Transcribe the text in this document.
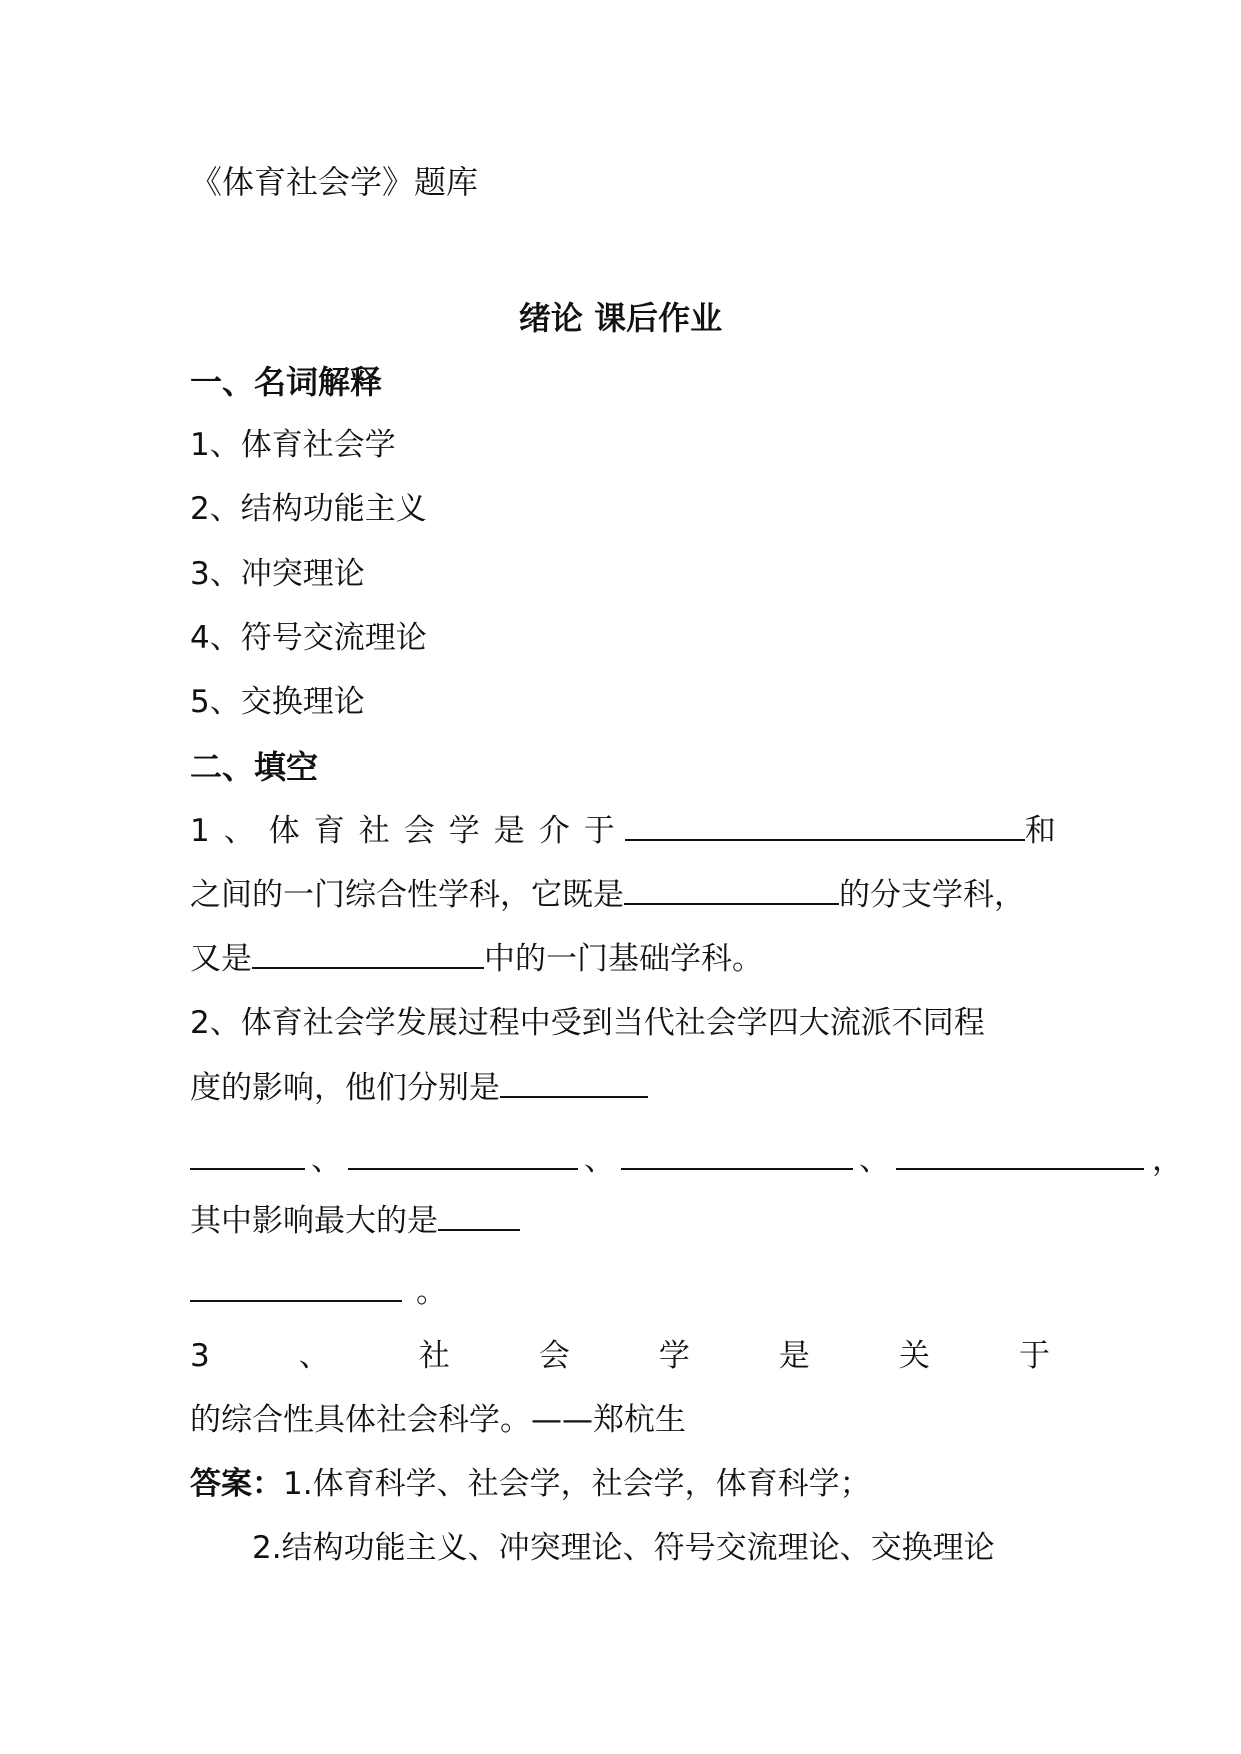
《体育社会学》题库
绪论 课后作业
一、名词解释
1、体育社会学
2、结构功能主义
3、冲突理论
4、符号交流理论
5、交换理论
二、填空
1、体育社会学是介于	和
之间的一门综合性学科，它既是	的分支学科，
又是	中的一门基础学科。
2、体育社会学发展过程中受到当代社会学四大流派不同程
度的影响，他们分别是
、	、	、	，
其中影响最大的是
。
3	、	社	会	学	是	关	于
的综合性具体社会科学。——郑杭生
答案：1.体育科学、社会学，社会学，体育科学；
2.结构功能主义、冲突理论、符号交流理论、交换理论
